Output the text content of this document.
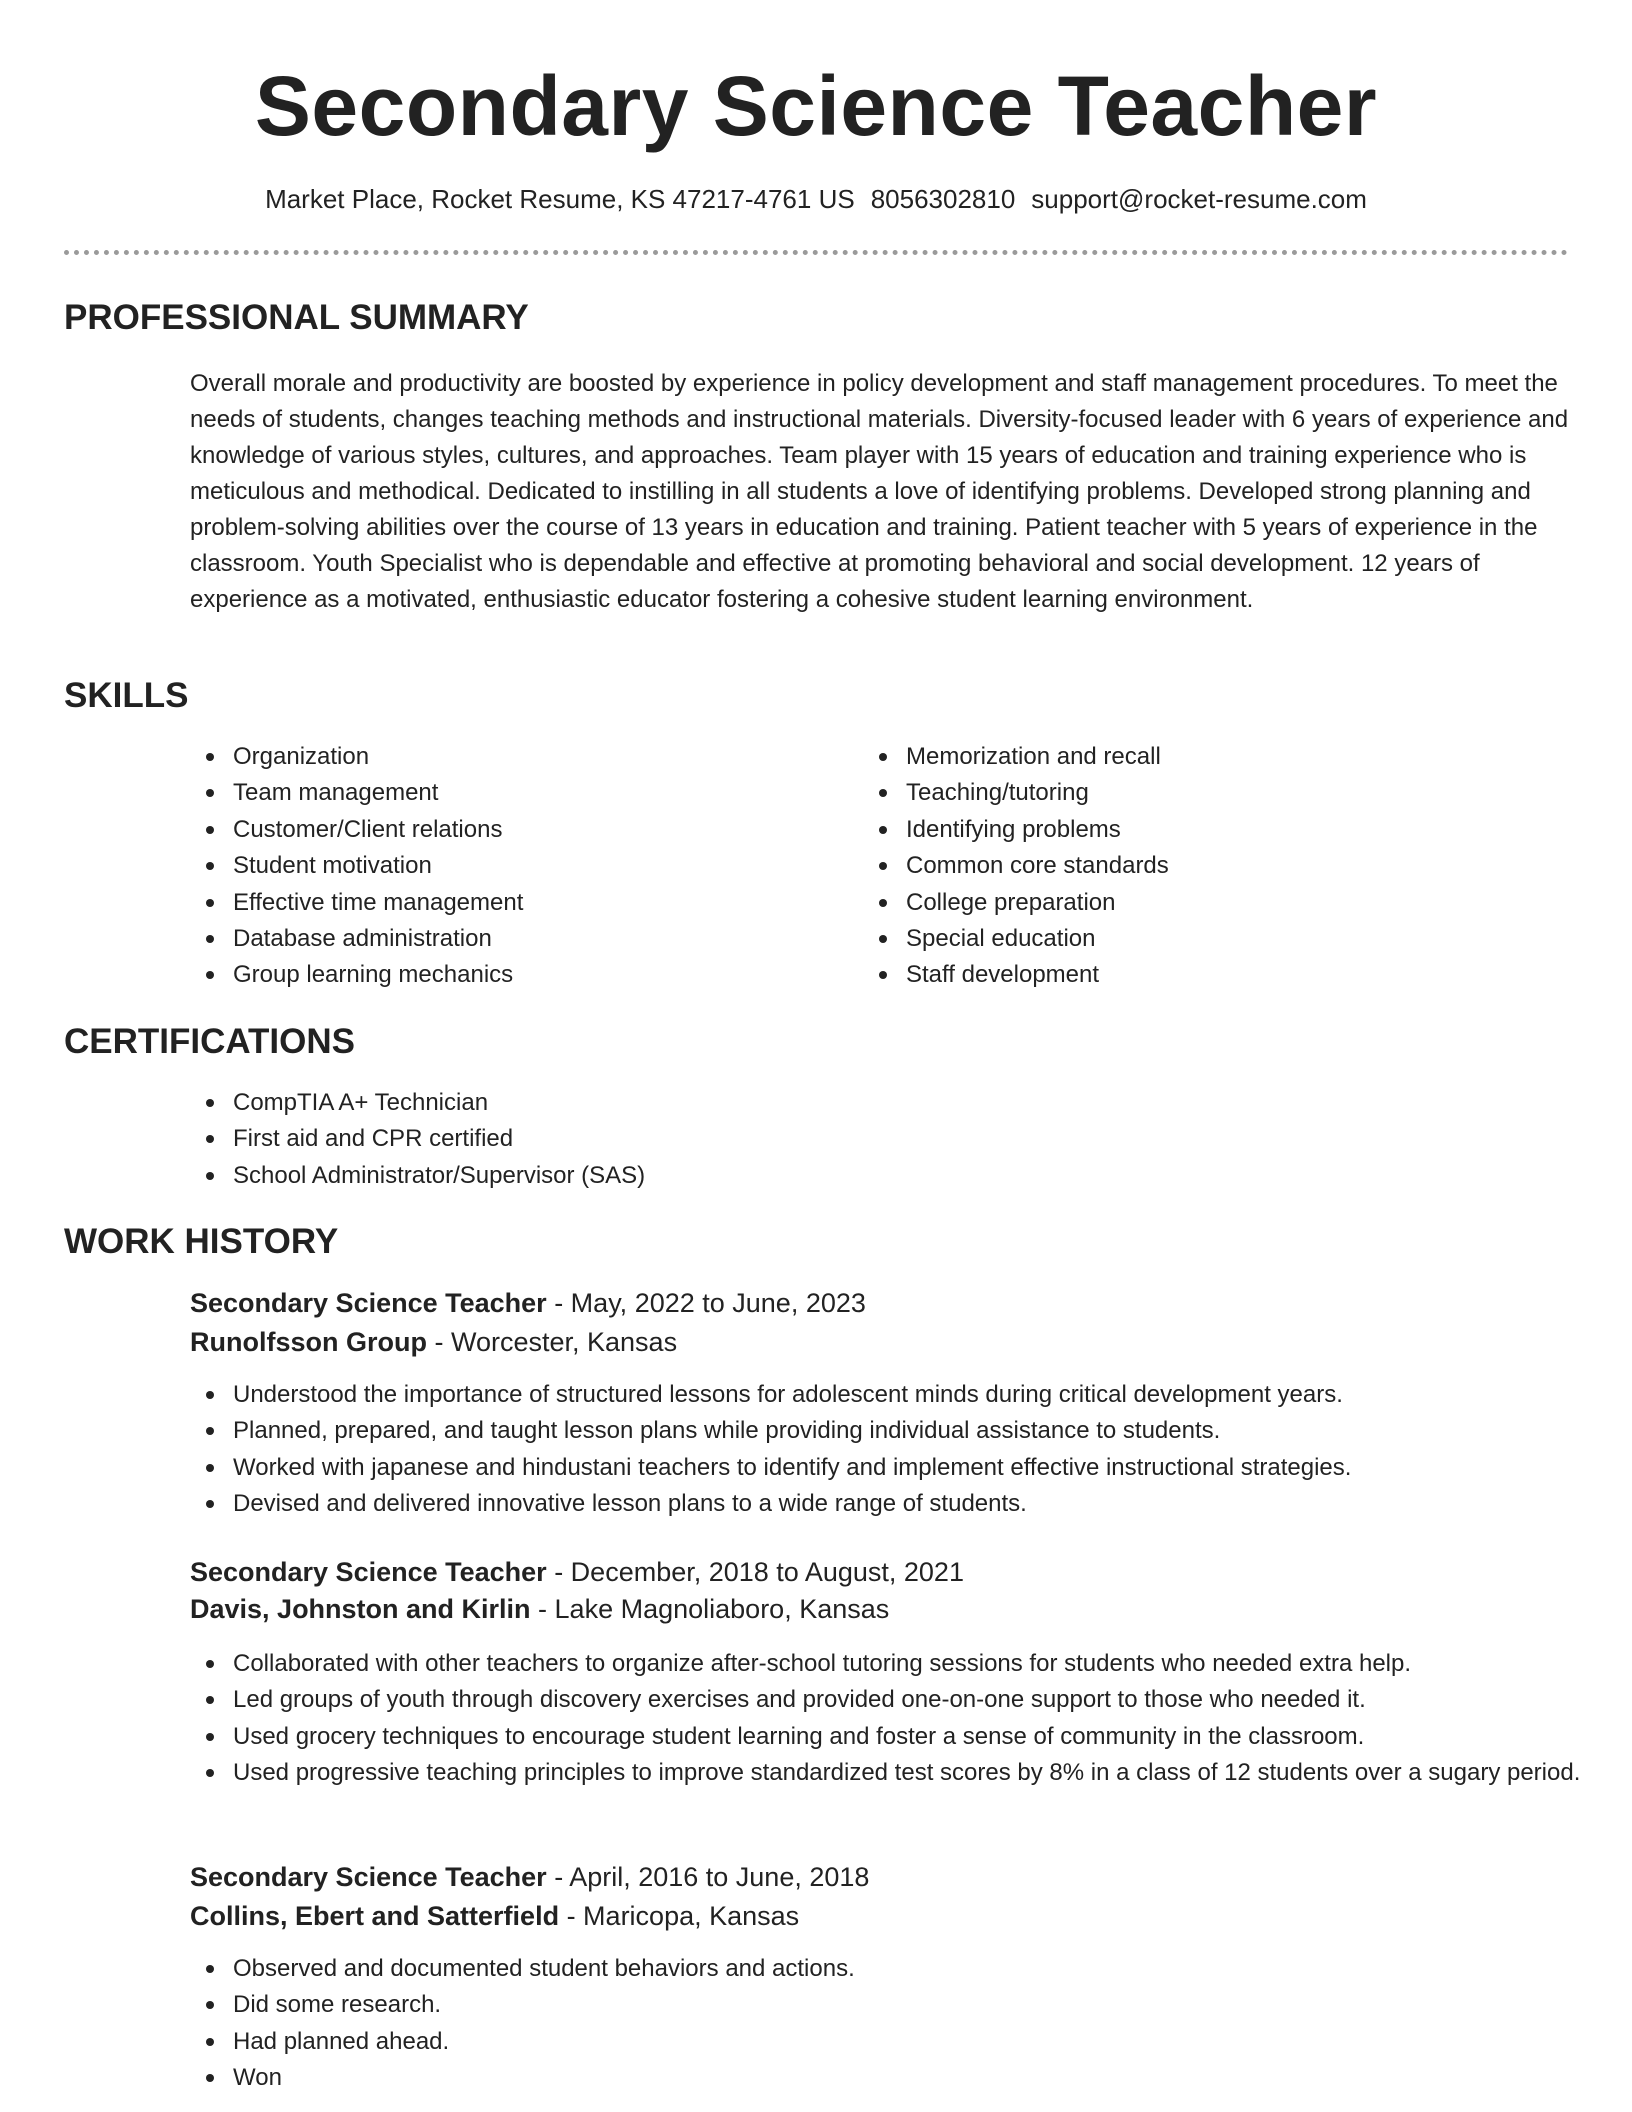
Secondary Science Teacher
Market Place, Rocket Resume, KS 47217-4761 US 8056302810 support@rocket-resume.com
PROFESSIONAL SUMMARY

Overall morale and productivity are boosted by experience in policy development and staff management procedures. To meet the needs of students, changes teaching methods and instructional materials. Diversity-focused leader with 6 years of experience and knowledge of various styles, cultures, and approaches. Team player with 15 years of education and training experience who is meticulous and methodical. Dedicated to instilling in all students a love of identifying problems. Developed strong planning and problem-solving abilities over the course of 13 years in education and training. Patient teacher with 5 years of experience in the classroom. Youth Specialist who is dependable and effective at promoting behavioral and social development. 12 years of experience as a motivated, enthusiastic educator fostering a cohesive student learning environment.

SKILLS
Organization
Team management
Customer/Client relations
Student motivation
Effective time management
Database administration
Group learning mechanics
Memorization and recall
Teaching/tutoring
Identifying problems
Common core standards
College preparation
Special education
Staff development
CERTIFICATIONS
CompTIA A+ Technician
First aid and CPR certified
School Administrator/Supervisor (SAS)
WORK HISTORY
Secondary Science Teacher - May, 2022 to June, 2023
Runolfsson Group - Worcester, Kansas
Understood the importance of structured lessons for adolescent minds during critical development years.
Planned, prepared, and taught lesson plans while providing individual assistance to students.
Worked with japanese and hindustani teachers to identify and implement effective instructional strategies.
Devised and delivered innovative lesson plans to a wide range of students.
Secondary Science Teacher - December, 2018 to August, 2021
Davis, Johnston and Kirlin - Lake Magnoliaboro, Kansas
Collaborated with other teachers to organize after-school tutoring sessions for students who needed extra help.
Led groups of youth through discovery exercises and provided one-on-one support to those who needed it.
Used grocery techniques to encourage student learning and foster a sense of community in the classroom.
Used progressive teaching principles to improve standardized test scores by 8% in a class of 12 students over a sugary period.
Secondary Science Teacher - April, 2016 to June, 2018
Collins, Ebert and Satterfield - Maricopa, Kansas
Observed and documented student behaviors and actions.
Did some research.
Had planned ahead.
Won
